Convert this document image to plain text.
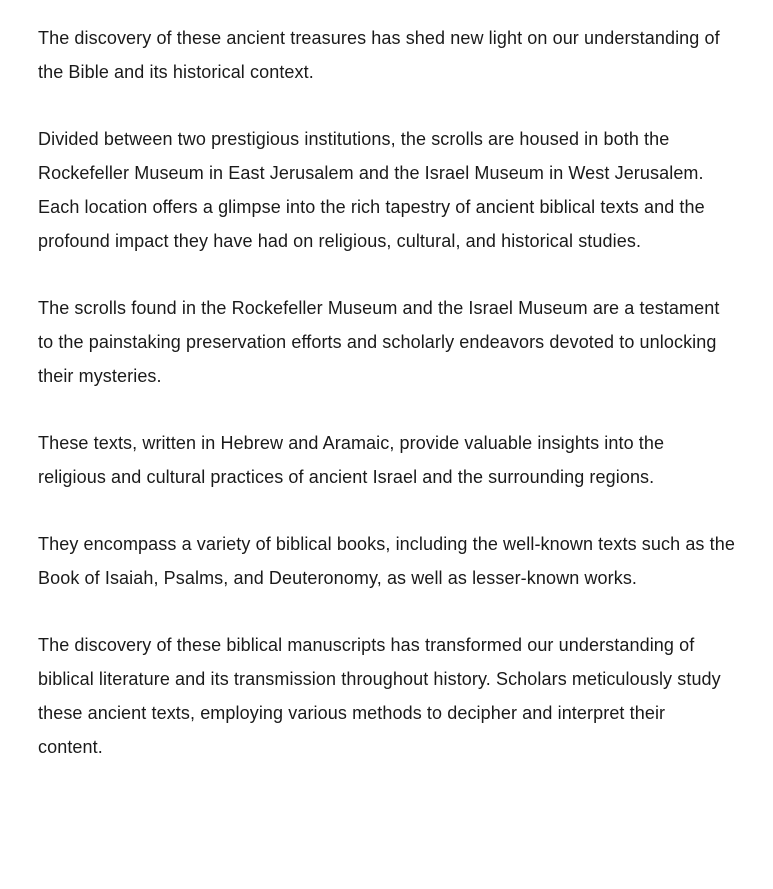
The discovery of these ancient treasures has shed new light on our understanding of the Bible and its historical context.

Divided between two prestigious institutions, the scrolls are housed in both the Rockefeller Museum in East Jerusalem and the Israel Museum in West Jerusalem. Each location offers a glimpse into the rich tapestry of ancient biblical texts and the profound impact they have had on religious, cultural, and historical studies.

The scrolls found in the Rockefeller Museum and the Israel Museum are a testament to the painstaking preservation efforts and scholarly endeavors devoted to unlocking their mysteries.

These texts, written in Hebrew and Aramaic, provide valuable insights into the religious and cultural practices of ancient Israel and the surrounding regions.

They encompass a variety of biblical books, including the well-known texts such as the Book of Isaiah, Psalms, and Deuteronomy, as well as lesser-known works.

The discovery of these biblical manuscripts has transformed our understanding of biblical literature and its transmission throughout history. Scholars meticulously study these ancient texts, employing various methods to decipher and interpret their content.
